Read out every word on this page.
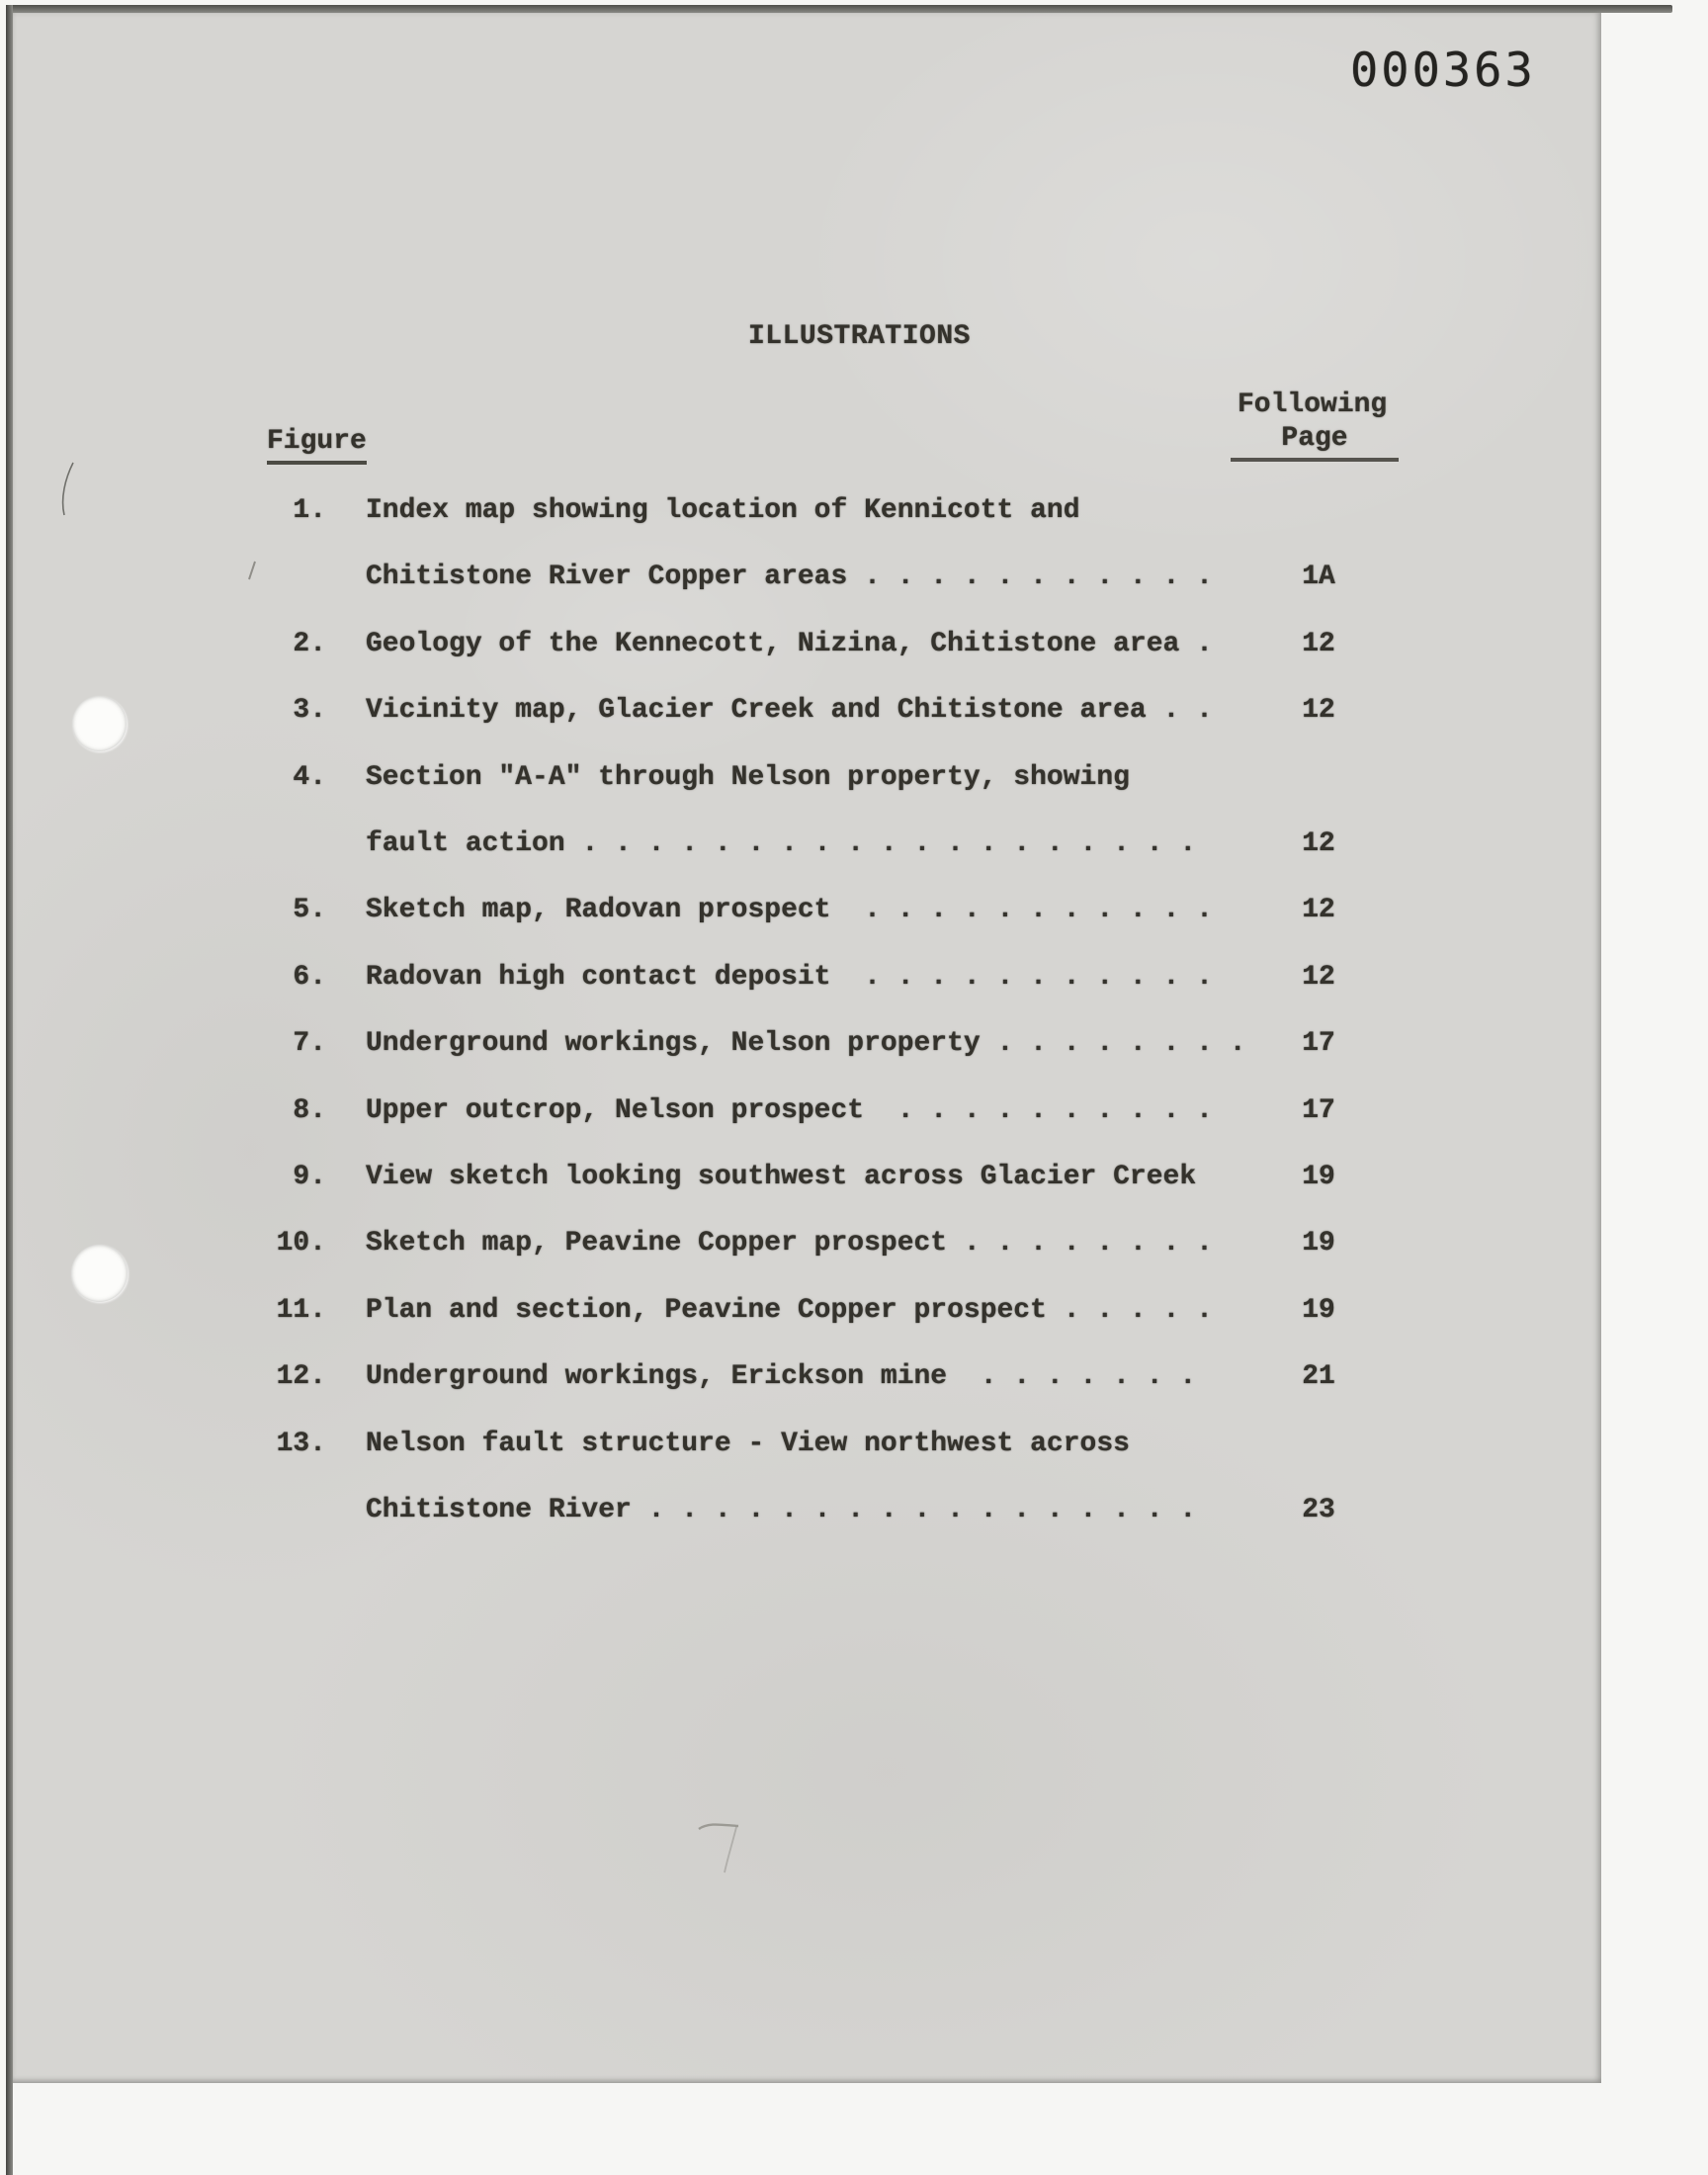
000363
ILLUSTRATIONS
Figure
Following
Page
1. Index map showing location of Kennicott and
Chitistone River Copper areas . . . . . . . . . . .	1A
2. Geology of the Kennecott, Nizina, Chitistone area .	12
3. Vicinity map, Glacier Creek and Chitistone area . .	12
4. Section "A-A" through Nelson property, showing
fault action . . . . . . . . . . . . . . . . . . .	12
5. Sketch map, Radovan prospect  . . . . . . . . . . .	12
6. Radovan high contact deposit  . . . . . . . . . . .	12
7. Underground workings, Nelson property . . . . . . . .	17
8. Upper outcrop, Nelson prospect  . . . . . . . . . .	17
9. View sketch looking southwest across Glacier Creek	19
10. Sketch map, Peavine Copper prospect . . . . . . . .	19
11. Plan and section, Peavine Copper prospect . . . . .	19
12. Underground workings, Erickson mine  . . . . . . .	21
13. Nelson fault structure - View northwest across
Chitistone River . . . . . . . . . . . . . . . . .	23
